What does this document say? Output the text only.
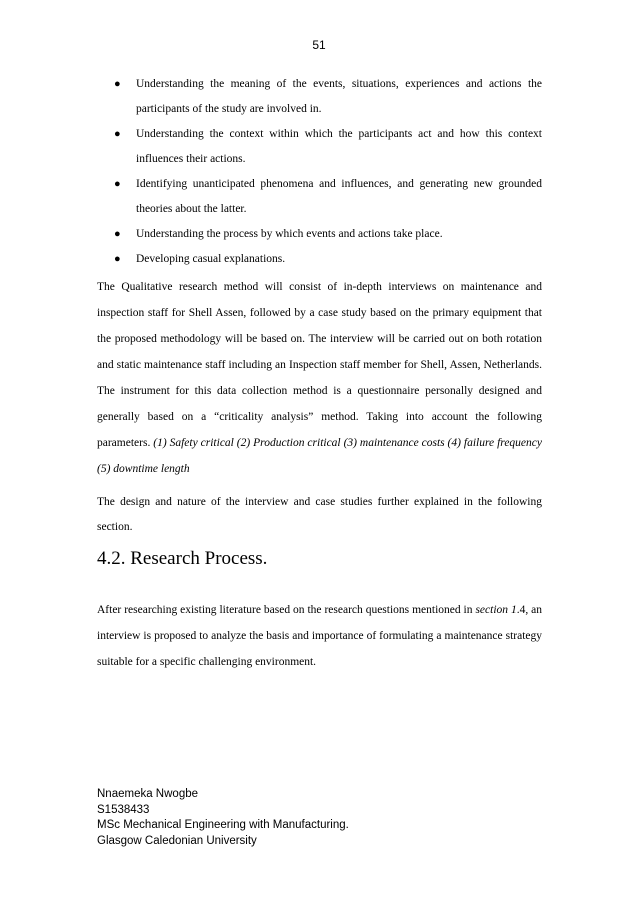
51
● Understanding the meaning of the events, situations, experiences and actions the participants of the study are involved in.
● Understanding the context within which the participants act and how this context influences their actions.
● Identifying unanticipated phenomena and influences, and generating new grounded theories about the latter.
● Understanding the process by which events and actions take place.
● Developing casual explanations.

The Qualitative research method will consist of in-depth interviews on maintenance and inspection staff for Shell Assen, followed by a case study based on the primary equipment that the proposed methodology will be based on. The interview will be carried out on both rotation and static maintenance staff including an Inspection staff member for Shell, Assen, Netherlands. The instrument for this data collection method is a questionnaire personally designed and generally based on a “criticality analysis” method. Taking into account the following parameters. (1) Safety critical (2) Production critical (3) maintenance costs (4) failure frequency (5) downtime length

The design and nature of the interview and case studies further explained in the following section.

4.2. Research Process.

After researching existing literature based on the research questions mentioned in section 1.4, an interview is proposed to analyze the basis and importance of formulating a maintenance strategy suitable for a specific challenging environment.

Nnaemeka Nwogbe
S1538433
MSc Mechanical Engineering with Manufacturing.
Glasgow Caledonian University
